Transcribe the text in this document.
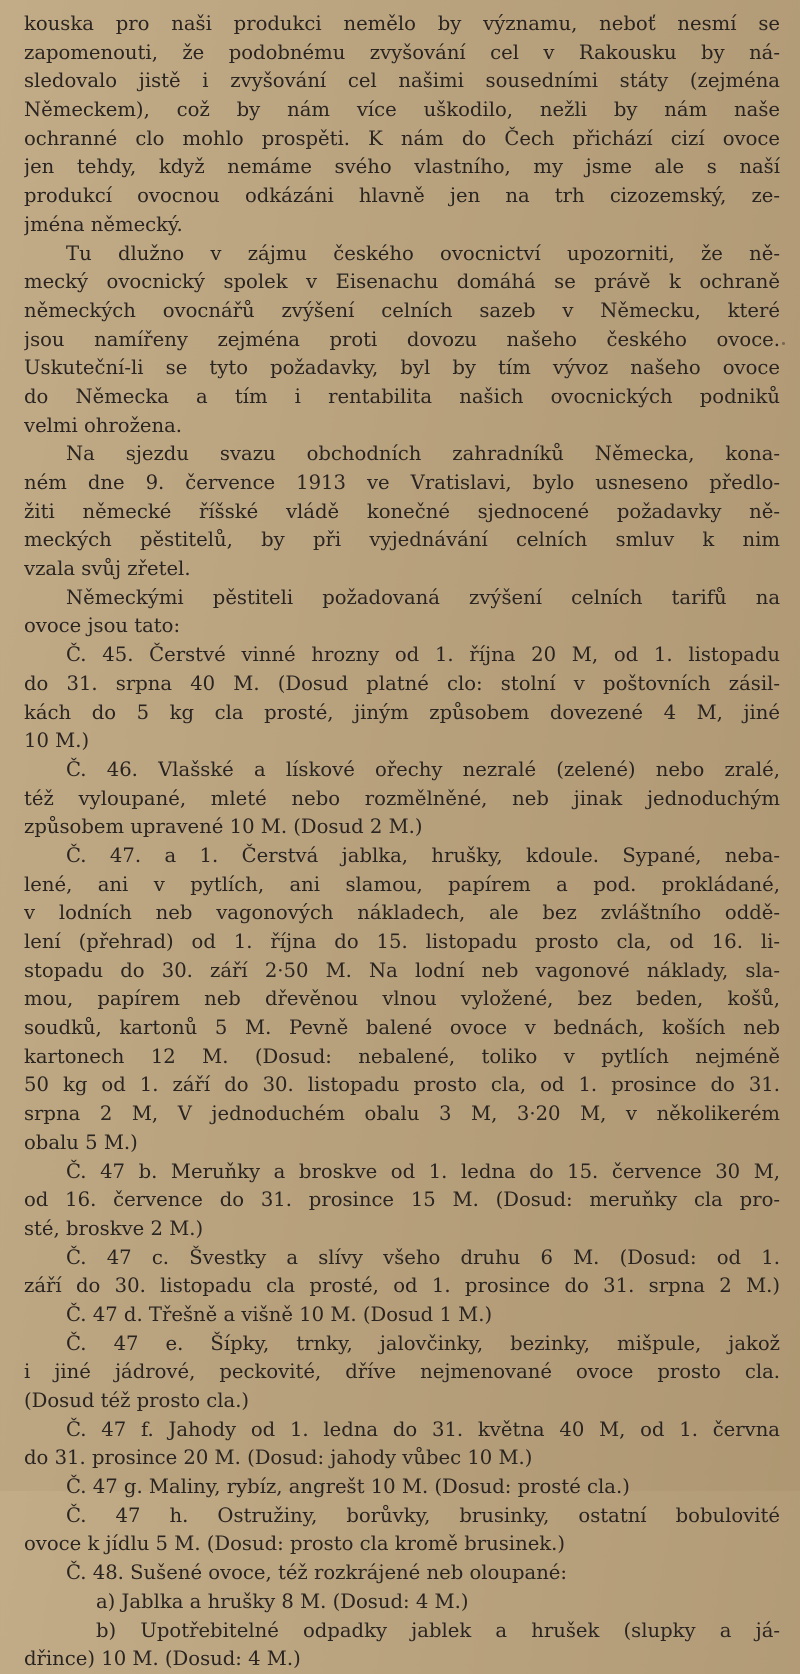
kouska pro naši produkci nemělo by významu, neboť nesmí se
zapomenouti, že podobnému zvyšování cel v Rakousku by ná-
sledovalo jistě i zvyšování cel našimi sousedními státy (zejména
Německem), což by nám více uškodilo, nežli by nám naše
ochranné clo mohlo prospěti. K nám do Čech přichází cizí ovoce
jen tehdy, když nemáme svého vlastního, my jsme ale s naší
produkcí ovocnou odkázáni hlavně jen na trh cizozemský, ze-
jména německý.
Tu dlužno v zájmu českého ovocnictví upozorniti, že ně-
mecký ovocnický spolek v Eisenachu domáhá se právě k ochraně
německých ovocnářů zvýšení celních sazeb v Německu, které
jsou namířeny zejména proti dovozu našeho českého ovoce.
Uskuteční-li se tyto požadavky, byl by tím vývoz našeho ovoce
do Německa a tím i rentabilita našich ovocnických podniků
velmi ohrožena.
Na sjezdu svazu obchodních zahradníků Německa, kona-
ném dne 9. července 1913 ve Vratislavi, bylo usneseno předlo-
žiti německé říšské vládě konečné sjednocené požadavky ně-
meckých pěstitelů, by při vyjednávání celních smluv k nim
vzala svůj zřetel.
Německými pěstiteli požadovaná zvýšení celních tarifů na
ovoce jsou tato:
Č. 45. Čerstvé vinné hrozny od 1. října 20 M, od 1. listopadu
do 31. srpna 40 M. (Dosud platné clo: stolní v poštovních zásil-
kách do 5 kg cla prosté, jiným způsobem dovezené 4 M, jiné
10 M.)
Č. 46. Vlašské a lískové ořechy nezralé (zelené) nebo zralé,
též vyloupané, mleté nebo rozmělněné, neb jinak jednoduchým
způsobem upravené 10 M. (Dosud 2 M.)
Č. 47. a 1. Čerstvá jablka, hrušky, kdoule. Sypané, neba-
lené, ani v pytlích, ani slamou, papírem a pod. prokládané,
v lodních neb vagonových nákladech, ale bez zvláštního oddě-
lení (přehrad) od 1. října do 15. listopadu prosto cla, od 16. li-
stopadu do 30. září 2·50 M. Na lodní neb vagonové náklady, sla-
mou, papírem neb dřevěnou vlnou vyložené, bez beden, košů,
soudků, kartonů 5 M. Pevně balené ovoce v bednách, koších neb
kartonech 12 M. (Dosud: nebalené, toliko v pytlích nejméně
50 kg od 1. září do 30. listopadu prosto cla, od 1. prosince do 31.
srpna 2 M, V jednoduchém obalu 3 M, 3·20 M, v několikerém
obalu 5 M.)
Č. 47 b. Meruňky a broskve od 1. ledna do 15. července 30 M,
od 16. července do 31. prosince 15 M. (Dosud: meruňky cla pro-
sté, broskve 2 M.)
Č. 47 c. Švestky a slívy všeho druhu 6 M. (Dosud: od 1.
září do 30. listopadu cla prosté, od 1. prosince do 31. srpna 2 M.)
Č. 47 d. Třešně a višně 10 M. (Dosud 1 M.)
Č. 47 e. Šípky, trnky, jalovčinky, bezinky, mišpule, jakož
i jiné jádrové, peckovité, dříve nejmenované ovoce prosto cla.
(Dosud též prosto cla.)
Č. 47 f. Jahody od 1. ledna do 31. května 40 M, od 1. června
do 31. prosince 20 M. (Dosud: jahody vůbec 10 M.)
Č. 47 g. Maliny, rybíz, angrešt 10 M. (Dosud: prosté cla.)
Č. 47 h. Ostružiny, borůvky, brusinky, ostatní bobulovité
ovoce k jídlu 5 M. (Dosud: prosto cla kromě brusinek.)
Č. 48. Sušené ovoce, též rozkrájené neb oloupané:
a) Jablka a hrušky 8 M. (Dosud: 4 M.)
b) Upotřebitelné odpadky jablek a hrušek (slupky a já-
dřince) 10 M. (Dosud: 4 M.)
